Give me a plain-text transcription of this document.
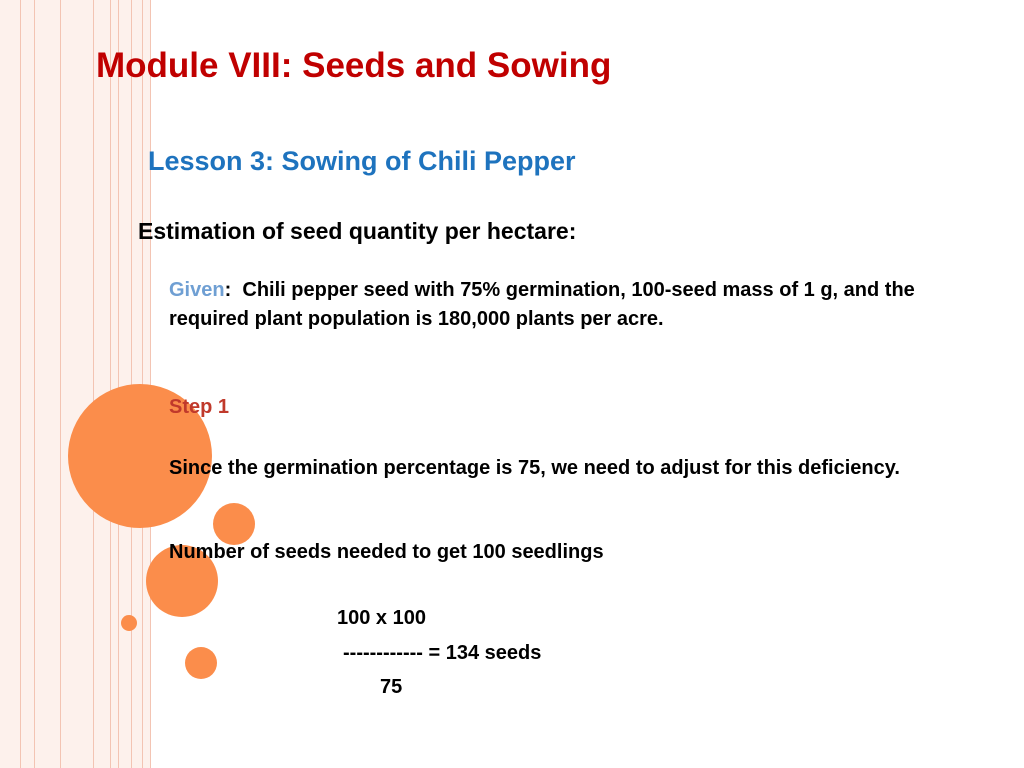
Module VIII: Seeds and Sowing
Lesson 3: Sowing of Chili Pepper
Estimation of seed quantity per hectare:
Given: Chili pepper seed with 75% germination, 100-seed mass of 1 g, and the required plant population is 180,000 plants per acre.
Step 1
Since the germination percentage is 75, we need to adjust for this deficiency.
Number of seeds needed to get 100 seedlings
100 x 100
------------ = 134 seeds
75
